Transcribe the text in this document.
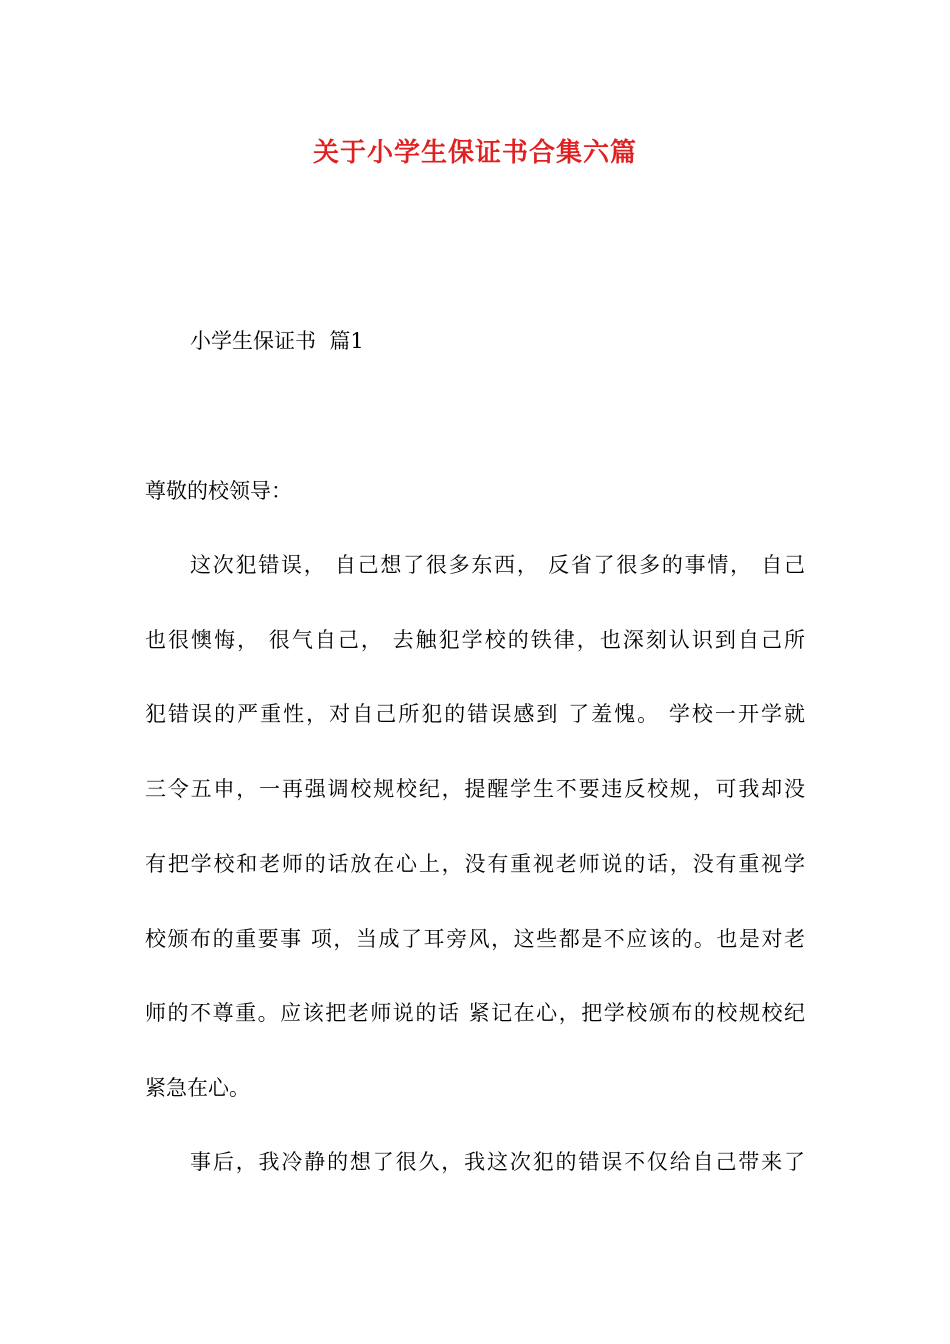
关于小学生保证书合集六篇
小学生保证书  篇1
尊敬的校领导：
这次犯错误， 自己想了很多东西， 反省了很多的事情， 自己
也很懊悔， 很气自己， 去触犯学校的铁律，也深刻认识到自己所
犯错误的严重性，对自己所犯的错误感到 了羞愧。 学校一开学就
三令五申，一再强调校规校纪，提醒学生不要违反校规，可我却没
有把学校和老师的话放在心上，没有重视老师说的话，没有重视学
校颁布的重要事 项，当成了耳旁风，这些都是不应该的。也是对老
师的不尊重。应该把老师说的话 紧记在心，把学校颁布的校规校纪
紧急在心。
事后，我冷静的想了很久，我这次犯的错误不仅给自己带来了
